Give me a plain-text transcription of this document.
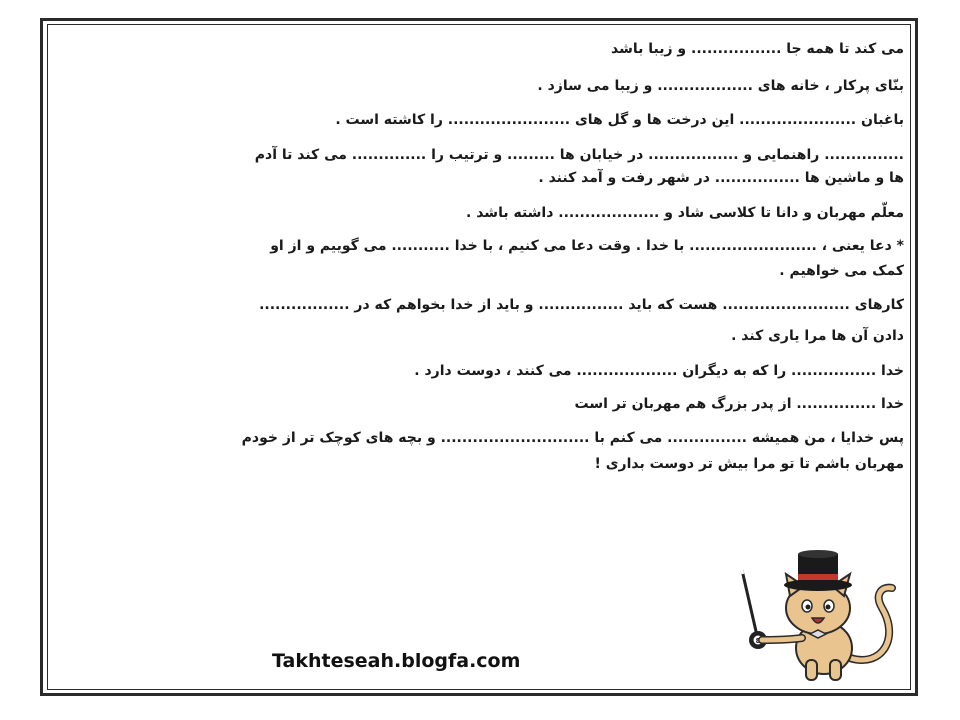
می کند تا همه جا ................. و زیبا باشد
بنّای پرکار ، خانه های .................. و زیبا می سازد .
باغبان ...................... این درخت ها و گل های ....................... را کاشته است .
............... راهنمایی و ................. در خیابان ها ......... و ترتیب را .............. می کند تا آدم
ها و ماشین ها ................ در شهر رفت و آمد کنند .
معلّم مهربان و دانا تا کلاسی شاد و ................... داشته باشد .
* دعا یعنی ، ........................ با خدا . وقت دعا می کنیم ، با خدا ........... می گوییم و از او
کمک می خواهیم .
کارهای ........................ هست که باید ................ و باید از خدا بخواهم که در .................
دادن آن ها مرا یاری کند .
خدا ................ را که به دیگران ................... می کنند ، دوست دارد .
خدا ............... از پدر بزرگ هم مهربان تر است
پس خدایا ، من همیشه ............... می کنم با ............................ و بچه های کوچک تر از خودم
مهربان باشم تا تو مرا بیش تر دوست بداری !
Takhteseah.blogfa.com
8
